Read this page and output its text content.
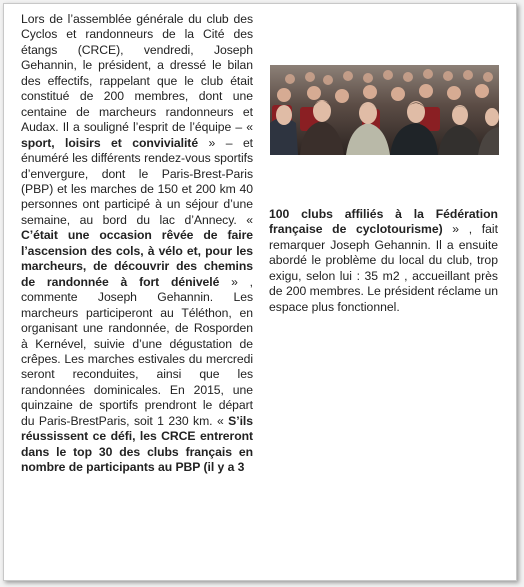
Lors de l’assemblée générale du club des Cyclos et randonneurs de la Cité des étangs (CRCE), vendredi, Joseph Gehannin, le président, a dressé le bilan des effectifs, rappelant que le club était constitué de 200 membres, dont une centaine de marcheurs randonneurs et Audax. Il a souligné l’esprit de l’équipe – « sport, loisirs et convivialité » – et énuméré les différents rendez-vous sportifs d’envergure, dont le Paris-Brest-Paris (PBP) et les marches de 150 et 200 km 40 personnes ont participé à un séjour d’une semaine, au bord du lac d’Annecy. « C’était une occasion rêvée de faire l’ascension des cols, à vélo et, pour les marcheurs, de découvrir des chemins de randonnée à fort dénivelé » , commente Joseph Gehannin. Les marcheurs participeront au Téléthon, en organisant une randonnée, de Rosporden à Kernével, suivie d’une dégustation de crêpes. Les marches estivales du mercredi seront reconduites, ainsi que les randonnées dominicales. En 2015, une quinzaine de sportifs prendront le départ du Paris-BrestParis, soit 1 230 km. « S’ils réussissent ce défi, les CRCE entreront dans le top 30 des clubs français en nombre de participants au PBP (il y a 3
100 clubs affiliés à la Fédération française de cyclotourisme) » , fait remarquer Joseph Gehannin. Il a ensuite abordé le problème du local du club, trop exigu, selon lui : 35 m2 , accueillant près de 200 membres. Le président réclame un espace plus fonctionnel.
